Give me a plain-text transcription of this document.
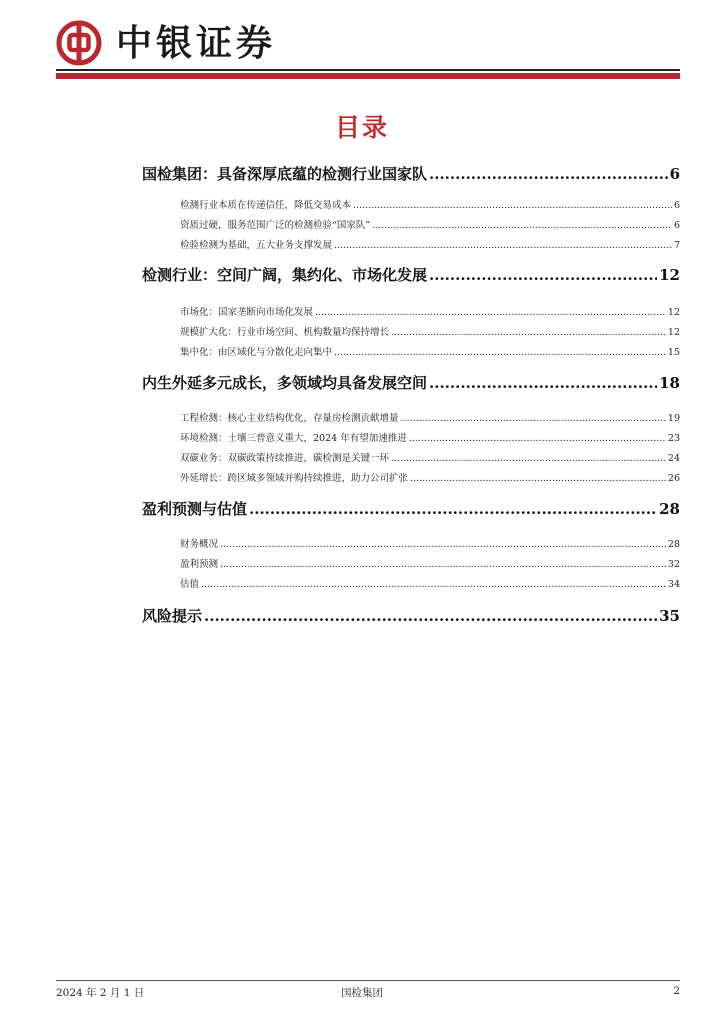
中银证券
目录
国检集团：具备深厚底蕴的检测行业国家队 .....	6
检测行业本质在传递信任，降低交易成本 .....	6
资质过硬，服务范围广泛的检测检验“国家队” .....	6
检验检测为基础，五大业务支撑发展 .....	7
检测行业：空间广阔，集约化、市场化发展 .....	12
市场化：国家垄断向市场化发展 .....	12
规模扩大化：行业市场空间、机构数量均保持增长 .....	12
集中化：由区域化与分散化走向集中 .....	15
内生外延多元成长，多领域均具备发展空间 .....	18
工程检测：核心主业结构优化，存量房检测贡献增量 .....	19
环境检测：土壤三普意义重大，2024 年有望加速推进 .....	23
双碳业务：双碳政策持续推进，碳检测是关键一环 .....	24
外延增长：跨区域多领域并购持续推进，助力公司扩张 .....	26
盈利预测与估值 .....	28
财务概况 .....	28
盈利预测 .....	32
估值 .....	34
风险提示 .....	35
2024 年 2 月 1 日	国检集团	2
